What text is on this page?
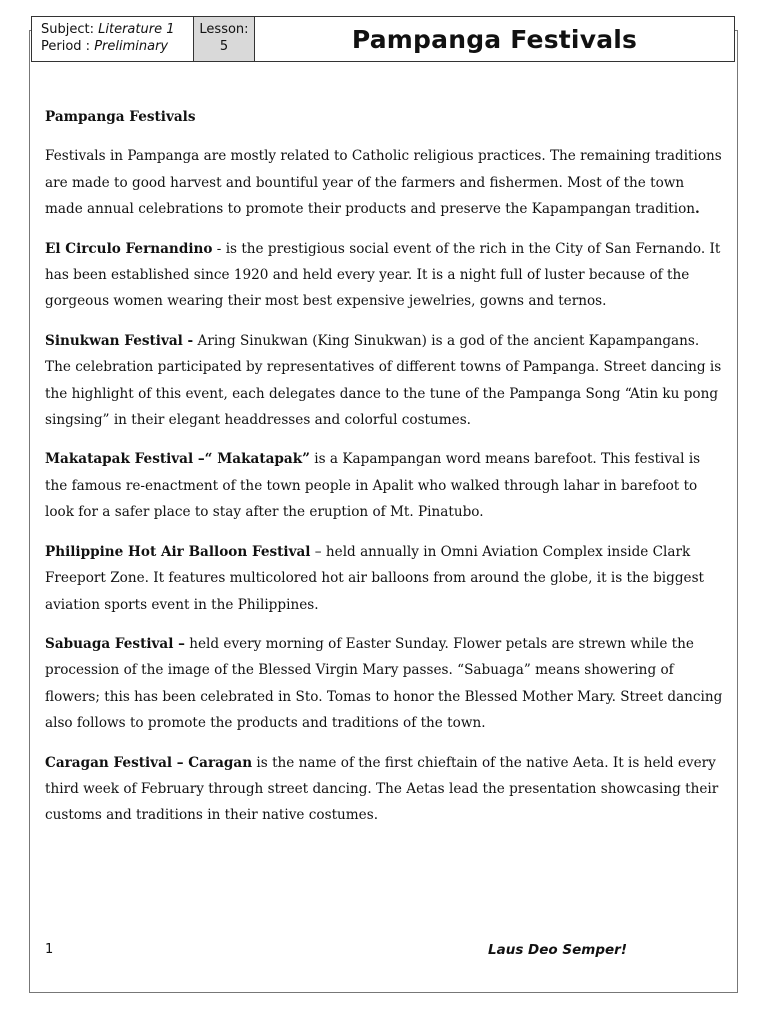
Subject: Literature 1
Period : Preliminary
Lesson: 5	Pampanga Festivals

Pampanga Festivals

Festivals in Pampanga are mostly related to Catholic religious practices. The remaining traditions are made to good harvest and bountiful year of the farmers and fishermen. Most of the town made annual celebrations to promote their products and preserve the Kapampangan tradition.

El Circulo Fernandino - is the prestigious social event of the rich in the City of San Fernando. It has been established since 1920 and held every year. It is a night full of luster because of the gorgeous women wearing their most best expensive jewelries, gowns and ternos.

Sinukwan Festival - Aring Sinukwan (King Sinukwan) is a god of the ancient Kapampangans. The celebration participated by representatives of different towns of Pampanga. Street dancing is the highlight of this event, each delegates dance to the tune of the Pampanga Song “Atin ku pong singsing” in their elegant headdresses and colorful costumes.

Makatapak Festival –“ Makatapak” is a Kapampangan word means barefoot. This festival is the famous re-enactment of the town people in Apalit who walked through lahar in barefoot to look for a safer place to stay after the eruption of Mt. Pinatubo.

Philippine Hot Air Balloon Festival – held annually in Omni Aviation Complex inside Clark Freeport Zone. It features multicolored hot air balloons from around the globe, it is the biggest aviation sports event in the Philippines.

Sabuaga Festival – held every morning of Easter Sunday. Flower petals are strewn while the procession of the image of the Blessed Virgin Mary passes. “Sabuaga” means showering of flowers; this has been celebrated in Sto. Tomas to honor the Blessed Mother Mary. Street dancing also follows to promote the products and traditions of the town.

Caragan Festival – Caragan is the name of the first chieftain of the native Aeta. It is held every third week of February through street dancing. The Aetas lead the presentation showcasing their customs and traditions in their native costumes.

1	Laus Deo Semper!
